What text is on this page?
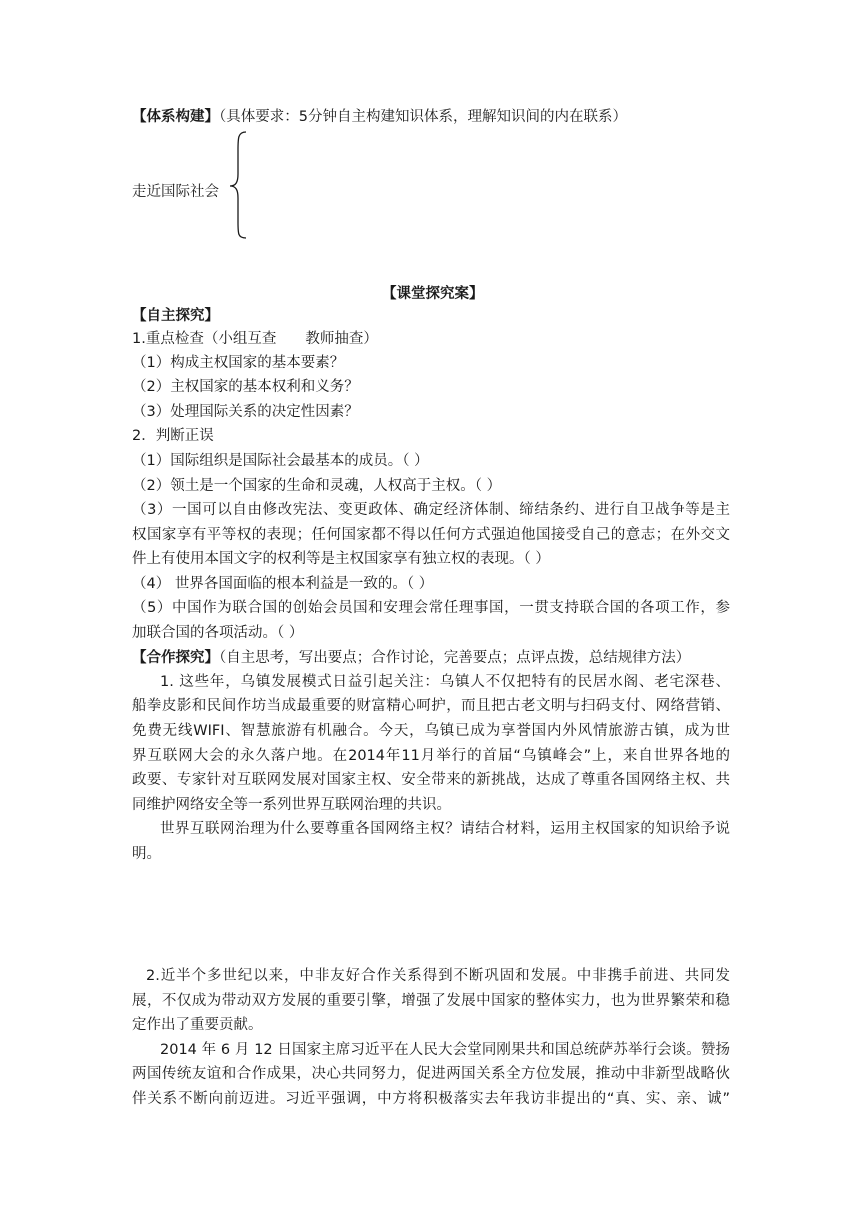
【体系构建】（具体要求：5分钟自主构建知识体系，理解知识间的内在联系）
走近国际社会
【课堂探究案】
【自主探究】
1.重点检查（小组互查　　教师抽查）
（1）构成主权国家的基本要素？
（2）主权国家的基本权利和义务？
（3）处理国际关系的决定性因素？
2．判断正误
（1）国际组织是国际社会最基本的成员。（ ）
（2）领土是一个国家的生命和灵魂，人权高于主权。（ ）
（3）一国可以自由修改宪法、变更政体、确定经济体制、缔结条约、进行自卫战争等是主
权国家享有平等权的表现；任何国家都不得以任何方式强迫他国接受自己的意志；在外交文
件上有使用本国文字的权利等是主权国家享有独立权的表现。（ ）
（4） 世界各国面临的根本利益是一致的。（ ）
（5）中国作为联合国的创始会员国和安理会常任理事国，一贯支持联合国的各项工作，参
加联合国的各项活动。（ ）
【合作探究】（自主思考，写出要点；合作讨论，完善要点；点评点拨，总结规律方法）
1. 这些年，乌镇发展模式日益引起关注：乌镇人不仅把特有的民居水阁、老宅深巷、
船拳皮影和民间作坊当成最重要的财富精心呵护，而且把古老文明与扫码支付、网络营销、
免费无线WIFI、智慧旅游有机融合。今天，乌镇已成为享誉国内外风情旅游古镇，成为世
界互联网大会的永久落户地。在2014年11月举行的首届“乌镇峰会”上，来自世界各地的
政要、专家针对互联网发展对国家主权、安全带来的新挑战，达成了尊重各国网络主权、共
同维护网络安全等一系列世界互联网治理的共识。
世界互联网治理为什么要尊重各国网络主权？请结合材料，运用主权国家的知识给予说
明。
2.近半个多世纪以来，中非友好合作关系得到不断巩固和发展。中非携手前进、共同发
展，不仅成为带动双方发展的重要引擎，增强了发展中国家的整体实力，也为世界繁荣和稳
定作出了重要贡献。
2014 年 6 月 12 日国家主席习近平在人民大会堂同刚果共和国总统萨苏举行会谈。赞扬
两国传统友谊和合作成果，决心共同努力，促进两国关系全方位发展，推动中非新型战略伙
伴关系不断向前迈进。习近平强调，中方将积极落实去年我访非提出的“真、实、亲、诚”
